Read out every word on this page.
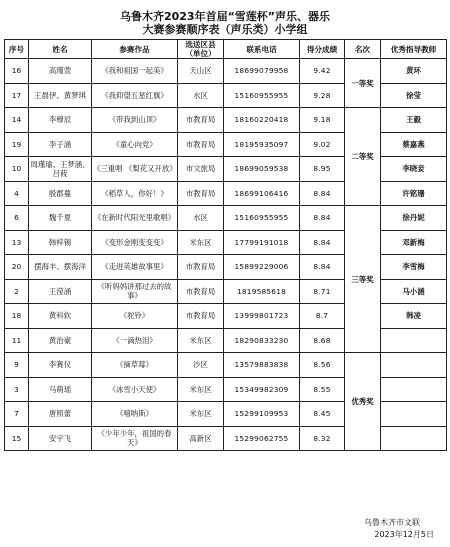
乌鲁木齐2023年首届“雪莲杯”声乐、器乐
大赛参赛顺序表（声乐类）小学组
序号	姓名	参赛作品	选送区县（单位）	联系电话	得分成绩	名次	优秀指导教师
16	高瑾萱	《我和祖国一起美》	天山区	18699079958	9.42	一等奖	黄环
17	王晨伊、黄梦琪	《我仰望五星红旗》	水区	15160955955	9.28		徐莹
14	李穆辰	《带我到山顶》	市教育局	18160220418	9.18	二等奖	王毅
19	李子涵	《童心向党》	市教育局	18195935097	9.02		蔡嘉燕
10	周瑾瑜、王梦涵、吕莜	《三重唱 《梨花又开放》	市文旅局	18699059538	8.95		李晓妾
4	殷郡蔓	《稻草人，你好！》	市教育局	18699106416	8.84		许铭珊
6	魏千夏	《在新时代阳光里歌唱》	水区	15160955955	8.84	三等奖	徐丹妮
13	韩梓锡	《变形金刚变变变》	米东区	17799191018	8.84		邓新梅
20	摆海丰、摆海洋	《走进英雄故事里》	市教育局	15899229006	8.84		李雪梅
2	王滢涵	《听妈妈讲那过去的故事》	市教育局	1819585618	8.71		马小涵
18	黄科软	《驼铃》	市教育局	13999801723	8.7		韩凌
11	黄治豪	《一滴热泪》	米东区	18290833230	8.68		
9	李赛仪	《摘草莓》	沙区	13579883838	8.56	优秀奖	
3	马萌瑶	《冰雪小天使》	米东区	15349982309	8.55		
7	唐照蕾	《嘻呐斯》	米东区	15299109953	8.45		
15	安宇飞	《少年少年，祖国的春天》	高新区	15299062755	8.32		
乌鲁木齐市文联
2023年12月5日
